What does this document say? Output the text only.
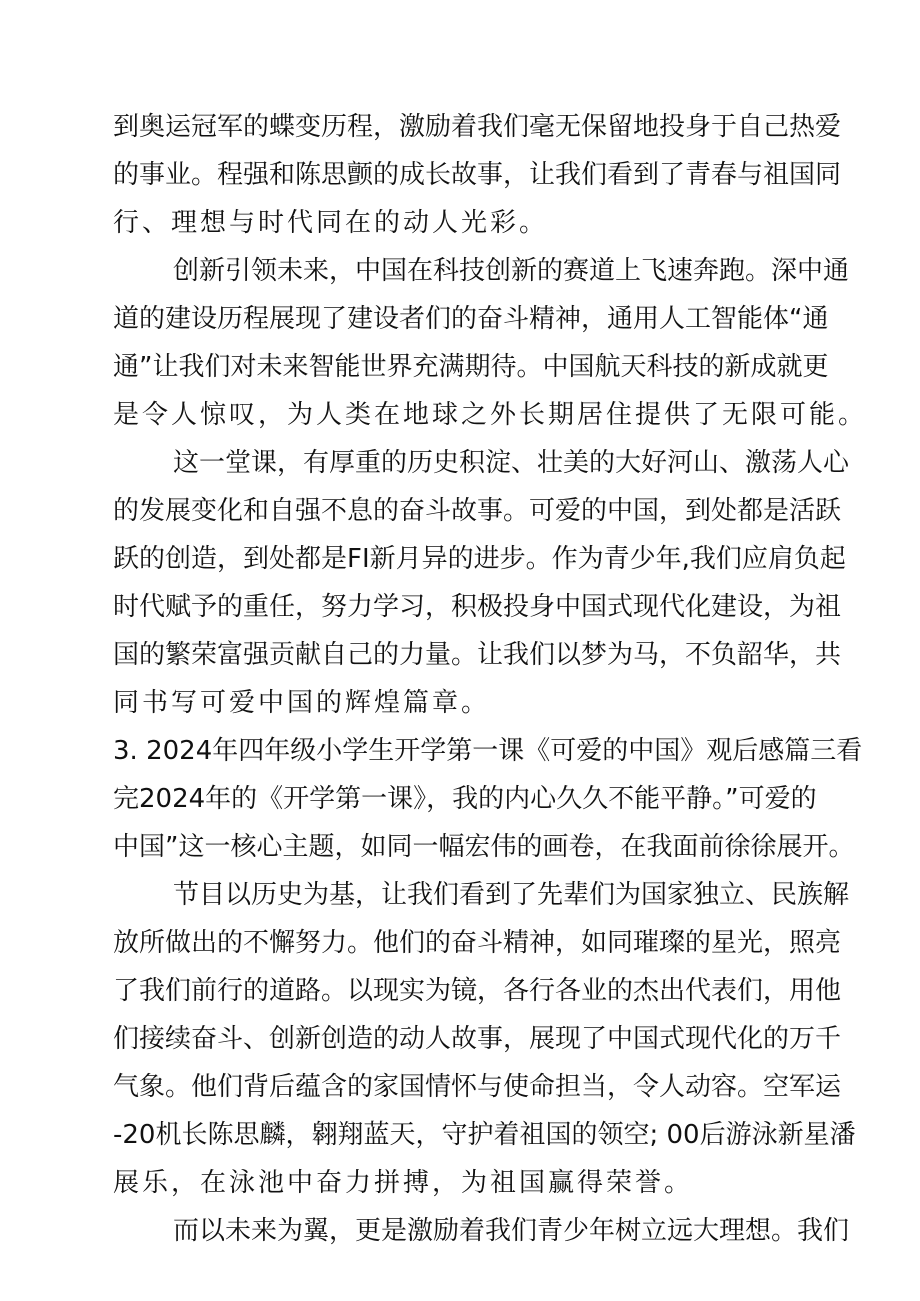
到奥运冠军的蝶变历程，激励着我们毫无保留地投身于自己热爱
的事业。程强和陈思颤的成长故事，让我们看到了青春与祖国同
行、理想与时代同在的动人光彩。
创新引领未来，中国在科技创新的赛道上飞速奔跑。深中通
道的建设历程展现了建设者们的奋斗精神，通用人工智能体“通
通”让我们对未来智能世界充满期待。中国航天科技的新成就更
是令人惊叹，为人类在地球之外长期居住提供了无限可能。
这一堂课，有厚重的历史积淀、壮美的大好河山、激荡人心
的发展变化和自强不息的奋斗故事。可爱的中国，到处都是活跃
跃的创造，到处都是FI新月异的进步。作为青少年,我们应肩负起
时代赋予的重任，努力学习，积极投身中国式现代化建设，为祖
国的繁荣富强贡献自己的力量。让我们以梦为马，不负韶华，共
同书写可爱中国的辉煌篇章。
3. 2024年四年级小学生开学第一课《可爱的中国》观后感篇三看
完2024年的《开学第一课》，我的内心久久不能平静。”可爱的
中国”这一核心主题，如同一幅宏伟的画卷，在我面前徐徐展开。
节目以历史为基，让我们看到了先辈们为国家独立、民族解
放所做出的不懈努力。他们的奋斗精神，如同璀璨的星光，照亮
了我们前行的道路。以现实为镜，各行各业的杰出代表们，用他
们接续奋斗、创新创造的动人故事，展现了中国式现代化的万千
气象。他们背后蕴含的家国情怀与使命担当，令人动容。空军运
-20机长陈思麟，翱翔蓝天，守护着祖国的领空; 00后游泳新星潘
展乐，在泳池中奋力拼搏，为祖国赢得荣誉。
而以未来为翼，更是激励着我们青少年树立远大理想。我们
